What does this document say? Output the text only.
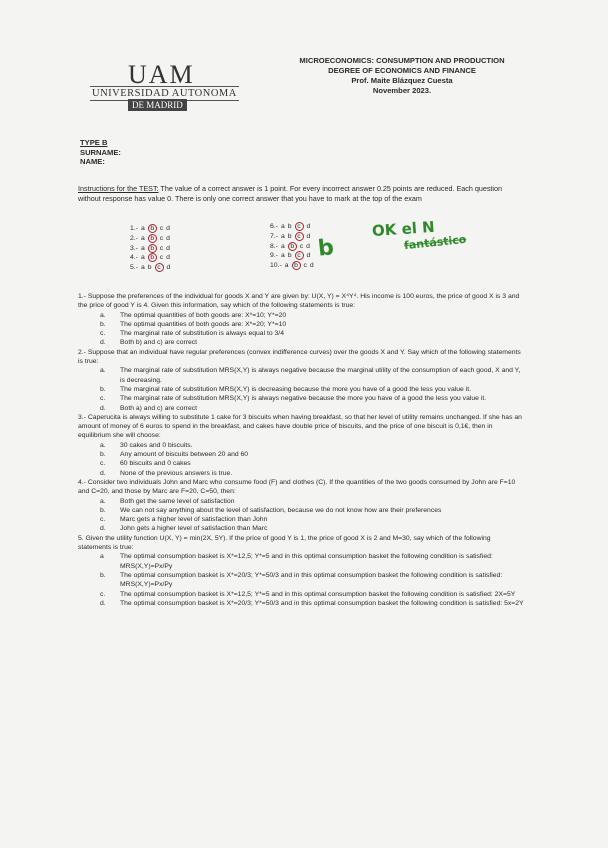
UAM
UNIVERSIDAD AUTONOMA
DE MADRID
MICROECONOMICS: CONSUMPTION AND PRODUCTION
DEGREE OF ECONOMICS AND FINANCE
Prof. Maite Blázquez Cuesta
November 2023.
TYPE B
SURNAME:
NAME:
Instructions for the TEST: The value of a correct answer is 1 point. For every incorrect answer 0.25 points are reduced. Each question without response has value 0. There is only one correct answer that you have to mark at the top of the exam
1.- a b c d
2.- a b c d
3.- a b c d
4.- a b c d
5.- a b c d
6.- a b c d
7.- a b c d
8.- a b c d
9.- a b c d
10.- a b c d
b
OK el N
fantástico

1.- Suppose the preferences of the individual for goods X and Y are given by: U(X, Y) = X⁴Y⁴. His income is 100 euros, the price of good X is 3 and the price of good Y is 4. Given this information, say which of the following statements is true:

a.	The optimal quantities of both goods are: X*=10; Y*=20
b.	The optimal quantities of both goods are: X*=20; Y*=10
c.	The marginal rate of substitution is always equal to 3/4
d.	Both b) and c) are correct

2.- Suppose that an individual have regular preferences (convex indifference curves) over the goods X and Y. Say which of the following statements is true:

a.	The marginal rate of substitution MRS(X,Y) is always negative because the marginal utility of the consumption of each good, X and Y, is decreasing.
b.	The marginal rate of substitution MRS(X,Y) is decreasing because the more you have of a good the less you value it.
c.	The marginal rate of substitution MRS(X,Y) is always negative because the more you have of a good the less you value it.
d.	Both a) and c) are correct

3.- Caperucita is always willing to substitute 1 cake for 3 biscuits when having breakfast, so that her level of utility remains unchanged. If she has an amount of money of 6 euros to spend in the breakfast, and cakes have double price of biscuits, and the price of one biscuit is 0,1€, then in equilibrium she will choose:

a.	30 cakes and 0 biscuits.
b.	Any amount of biscuits between 20 and 60
c.	60 biscuits and 0 cakes
d.	None of the previous answers is true.

4.- Consider two individuals John and Marc who consume food (F) and clothes (C). If the quantities of the two goods consumed by John are F=10 and C=20, and those by Marc are F=20, C=50, then:

a.	Both get the same level of satisfaction
b.	We can not say anything about the level of satisfaction, because we do not know how are their preferences
c.	Marc gets a higher level of satisfaction than John
d.	John gets a higher level of satisfaction than Marc

5. Given the utility function U(X, Y) = min(2X, 5Y). If the price of good Y is 1, the price of good X is 2 and M=30, say which of the following statements is true:

a	The optimal consumption basket is X*=12,5; Y*=5 and in this optimal consumption basket the following condition is satisfied: MRS(X,Y)=Px/Py
b.	The optimal consumption basket is X*=20/3; Y*=50/3 and in this optimal consumption basket the following condition is satisfied: MRS(X,Y)=Px/Py
c.	The optimal consumption basket is X*=12,5; Y*=5 and in this optimal consumption basket the following condition is satisfied: 2X=5Y
d.	The optimal consumption basket is X*=20/3; Y*=50/3 and in this optimal consumption basket the following condition is satisfied: 5x=2Y
